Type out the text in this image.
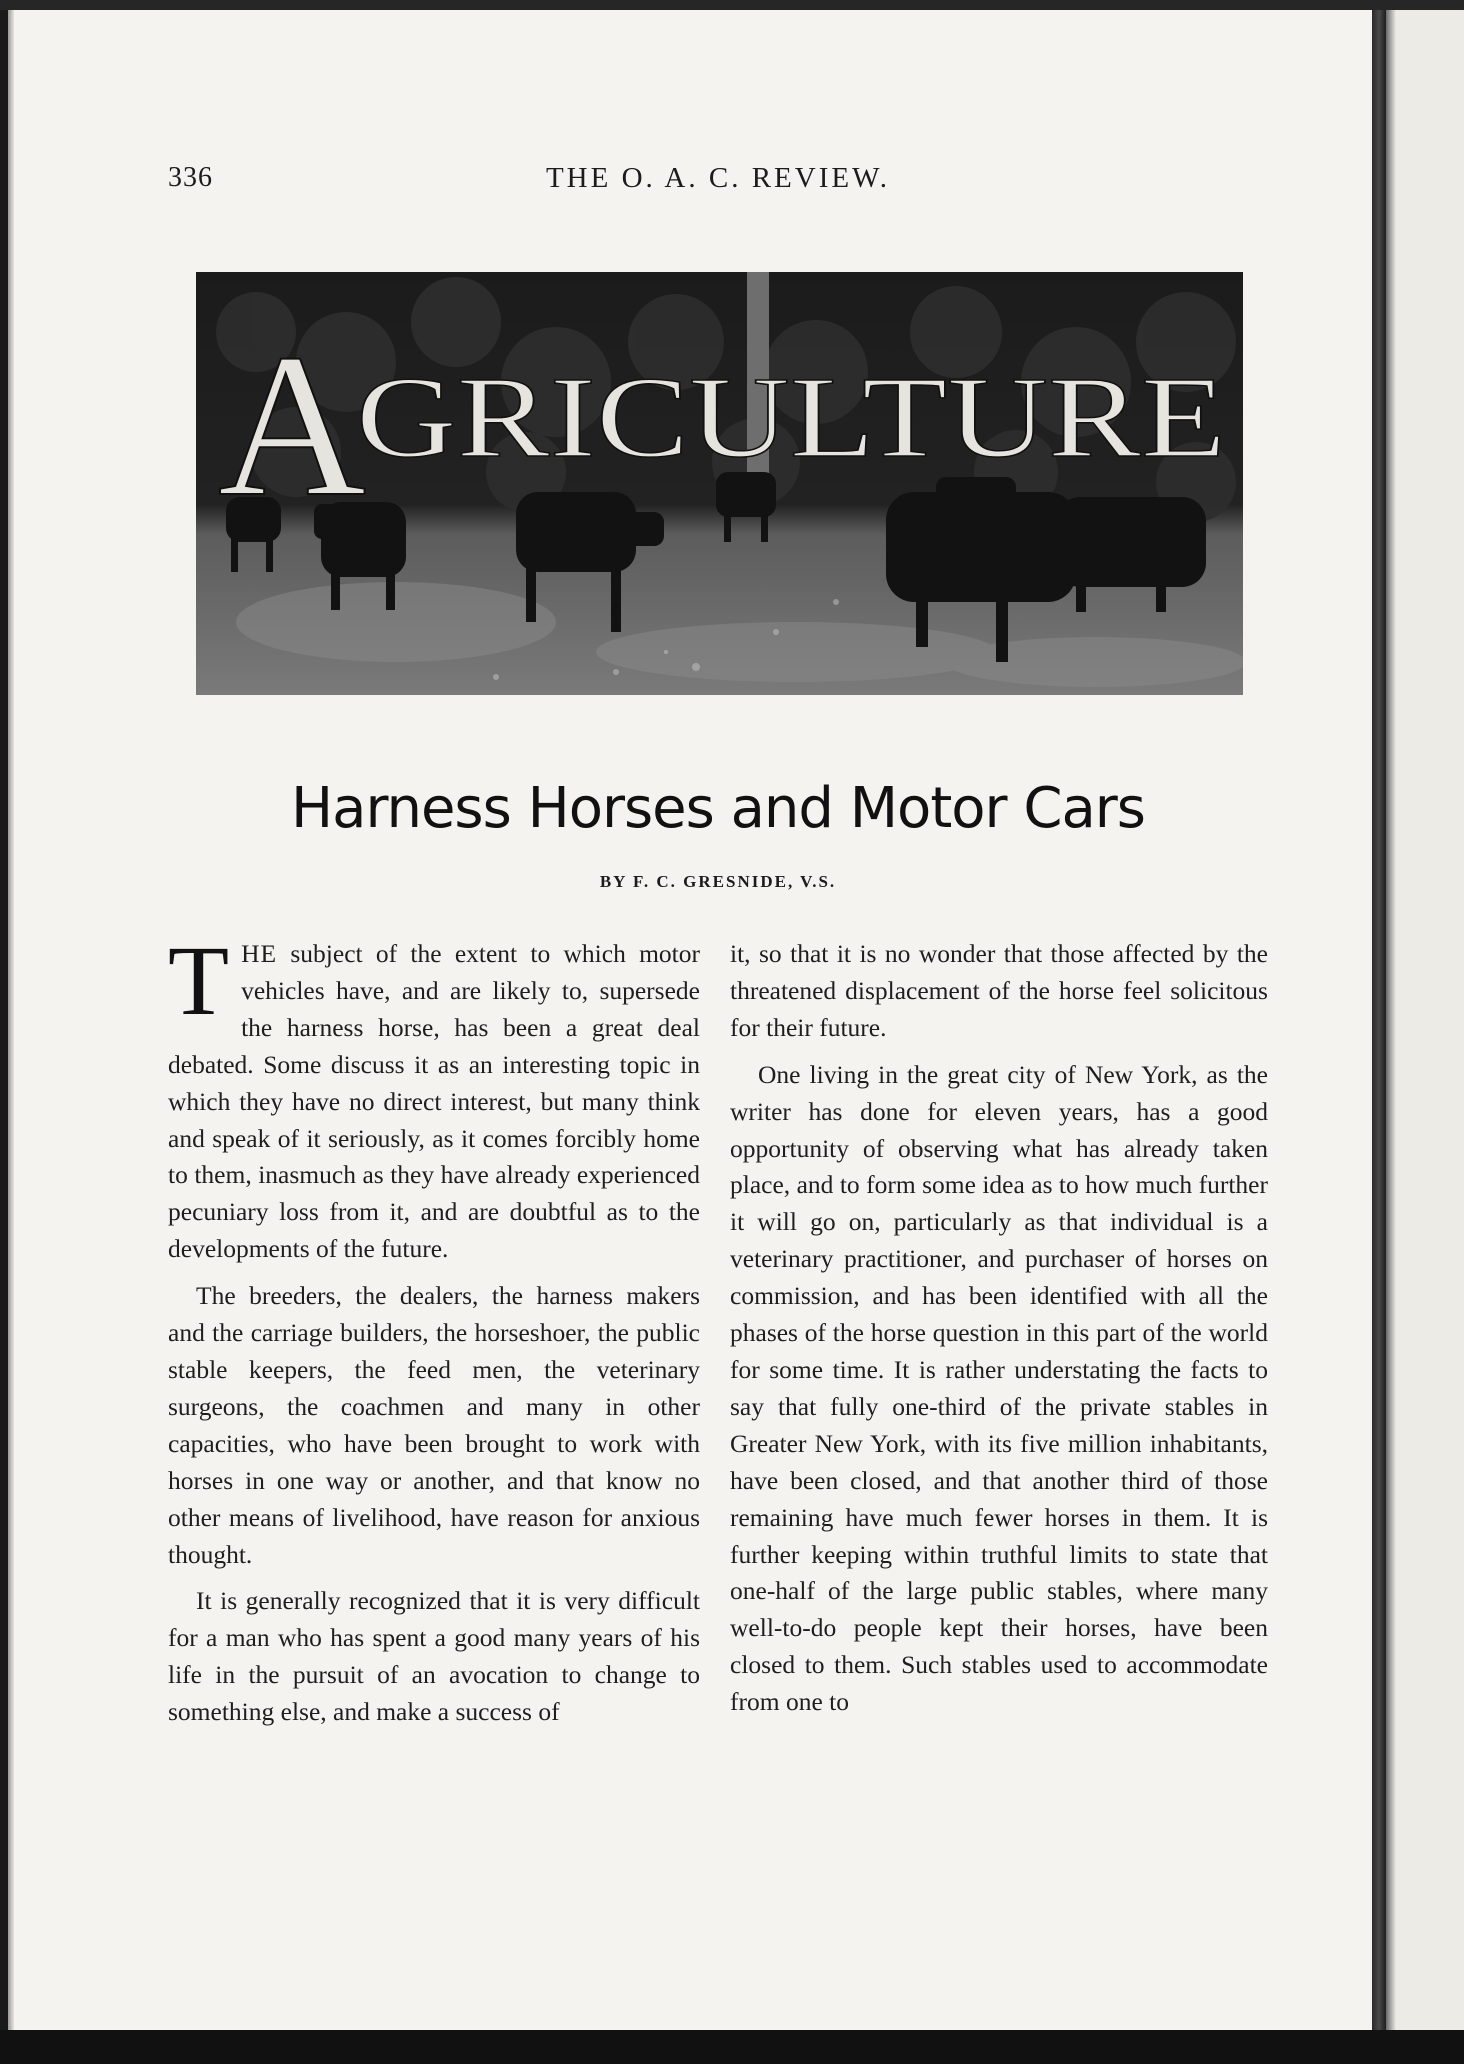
336	THE O. A. C. REVIEW.
A
GRICULTURE
Harness Horses and Motor Cars
BY F. C. GRESNIDE, V.S.

THE subject of the extent to which motor vehicles have, and are likely to, supersede the harness horse, has been a great deal debated. Some discuss it as an interesting topic in which they have no direct interest, but many think and speak of it seriously, as it comes forcibly home to them, inasmuch as they have already experienced pecuniary loss from it, and are doubtful as to the developments of the future.

The breeders, the dealers, the harness makers and the carriage builders, the horseshoer, the public stable keepers, the feed men, the veterinary surgeons, the coachmen and many in other capacities, who have been brought to work with horses in one way or another, and that know no other means of livelihood, have reason for anxious thought.

It is generally recognized that it is very difficult for a man who has spent a good many years of his life in the pursuit of an avocation to change to something else, and make a success of

it, so that it is no wonder that those affected by the threatened displacement of the horse feel solicitous for their future.

One living in the great city of New York, as the writer has done for eleven years, has a good opportunity of observing what has already taken place, and to form some idea as to how much further it will go on, particularly as that individual is a veterinary practitioner, and purchaser of horses on commission, and has been identified with all the phases of the horse question in this part of the world for some time. It is rather understating the facts to say that fully one-third of the private stables in Greater New York, with its five million inhabitants, have been closed, and that another third of those remaining have much fewer horses in them. It is further keeping within truthful limits to state that one-half of the large public stables, where many well-to-do people kept their horses, have been closed to them. Such stables used to accommodate from one to
